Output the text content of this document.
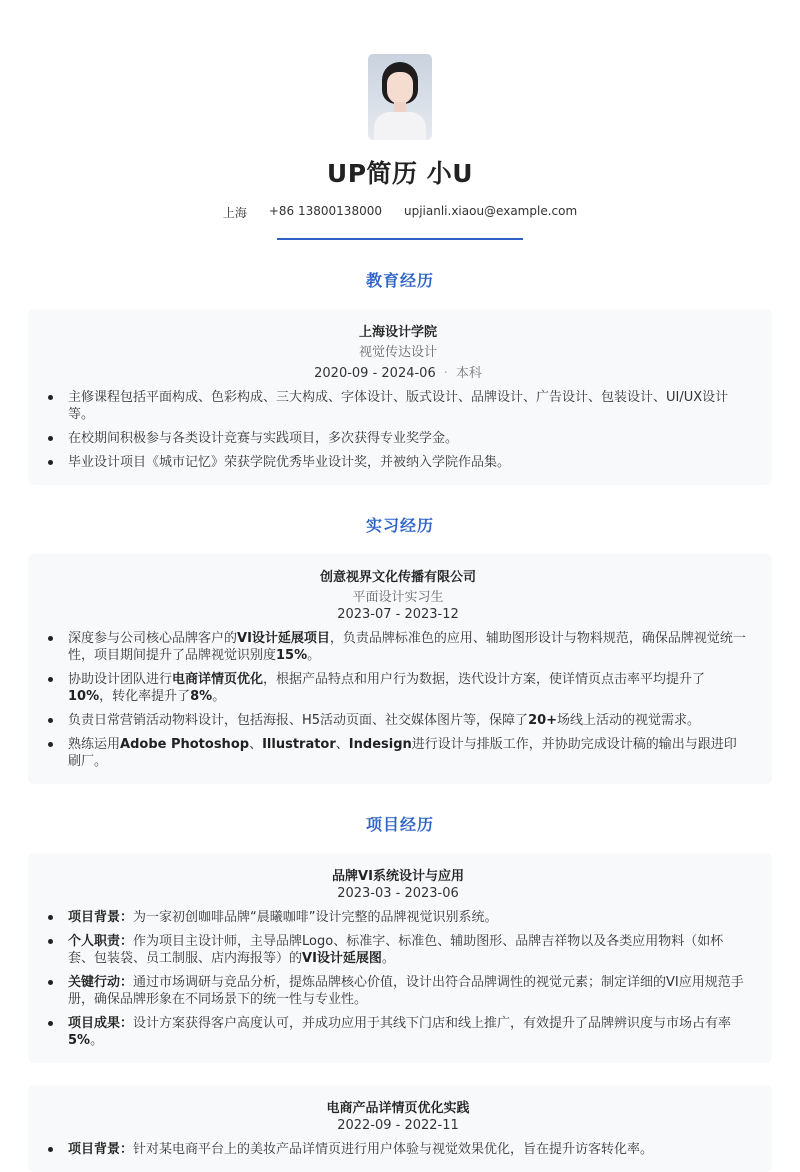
UP简历 小U
上海 +86 13800138000 upjianli.xiaou@example.com
教育经历
上海设计学院
视觉传达设计
2020-09 - 2024-06 · 本科
主修课程包括平面构成、色彩构成、三大构成、字体设计、版式设计、品牌设计、广告设计、包装设计、UI/UX设计等。
在校期间积极参与各类设计竞赛与实践项目，多次获得专业奖学金。
毕业设计项目《城市记忆》荣获学院优秀毕业设计奖，并被纳入学院作品集。
实习经历
创意视界文化传播有限公司
平面设计实习生
2023-07 - 2023-12
深度参与公司核心品牌客户的VI设计延展项目，负责品牌标准色的应用、辅助图形设计与物料规范，确保品牌视觉统一性，项目期间提升了品牌视觉识别度15%。
协助设计团队进行电商详情页优化，根据产品特点和用户行为数据，迭代设计方案，使详情页点击率平均提升了10%，转化率提升了8%。
负责日常营销活动物料设计，包括海报、H5活动页面、社交媒体图片等，保障了20+场线上活动的视觉需求。
熟练运用Adobe Photoshop、Illustrator、Indesign进行设计与排版工作，并协助完成设计稿的输出与跟进印刷厂。
项目经历
品牌VI系统设计与应用
2023-03 - 2023-06
项目背景：为一家初创咖啡品牌“晨曦咖啡”设计完整的品牌视觉识别系统。
个人职责：作为项目主设计师，主导品牌Logo、标准字、标准色、辅助图形、品牌吉祥物以及各类应用物料（如杯套、包装袋、员工制服、店内海报等）的VI设计延展图。
关键行动：通过市场调研与竞品分析，提炼品牌核心价值，设计出符合品牌调性的视觉元素；制定详细的VI应用规范手册，确保品牌形象在不同场景下的统一性与专业性。
项目成果：设计方案获得客户高度认可，并成功应用于其线下门店和线上推广，有效提升了品牌辨识度与市场占有率5%。
电商产品详情页优化实践
2022-09 - 2022-11
项目背景：针对某电商平台上的美妆产品详情页进行用户体验与视觉效果优化，旨在提升访客转化率。
